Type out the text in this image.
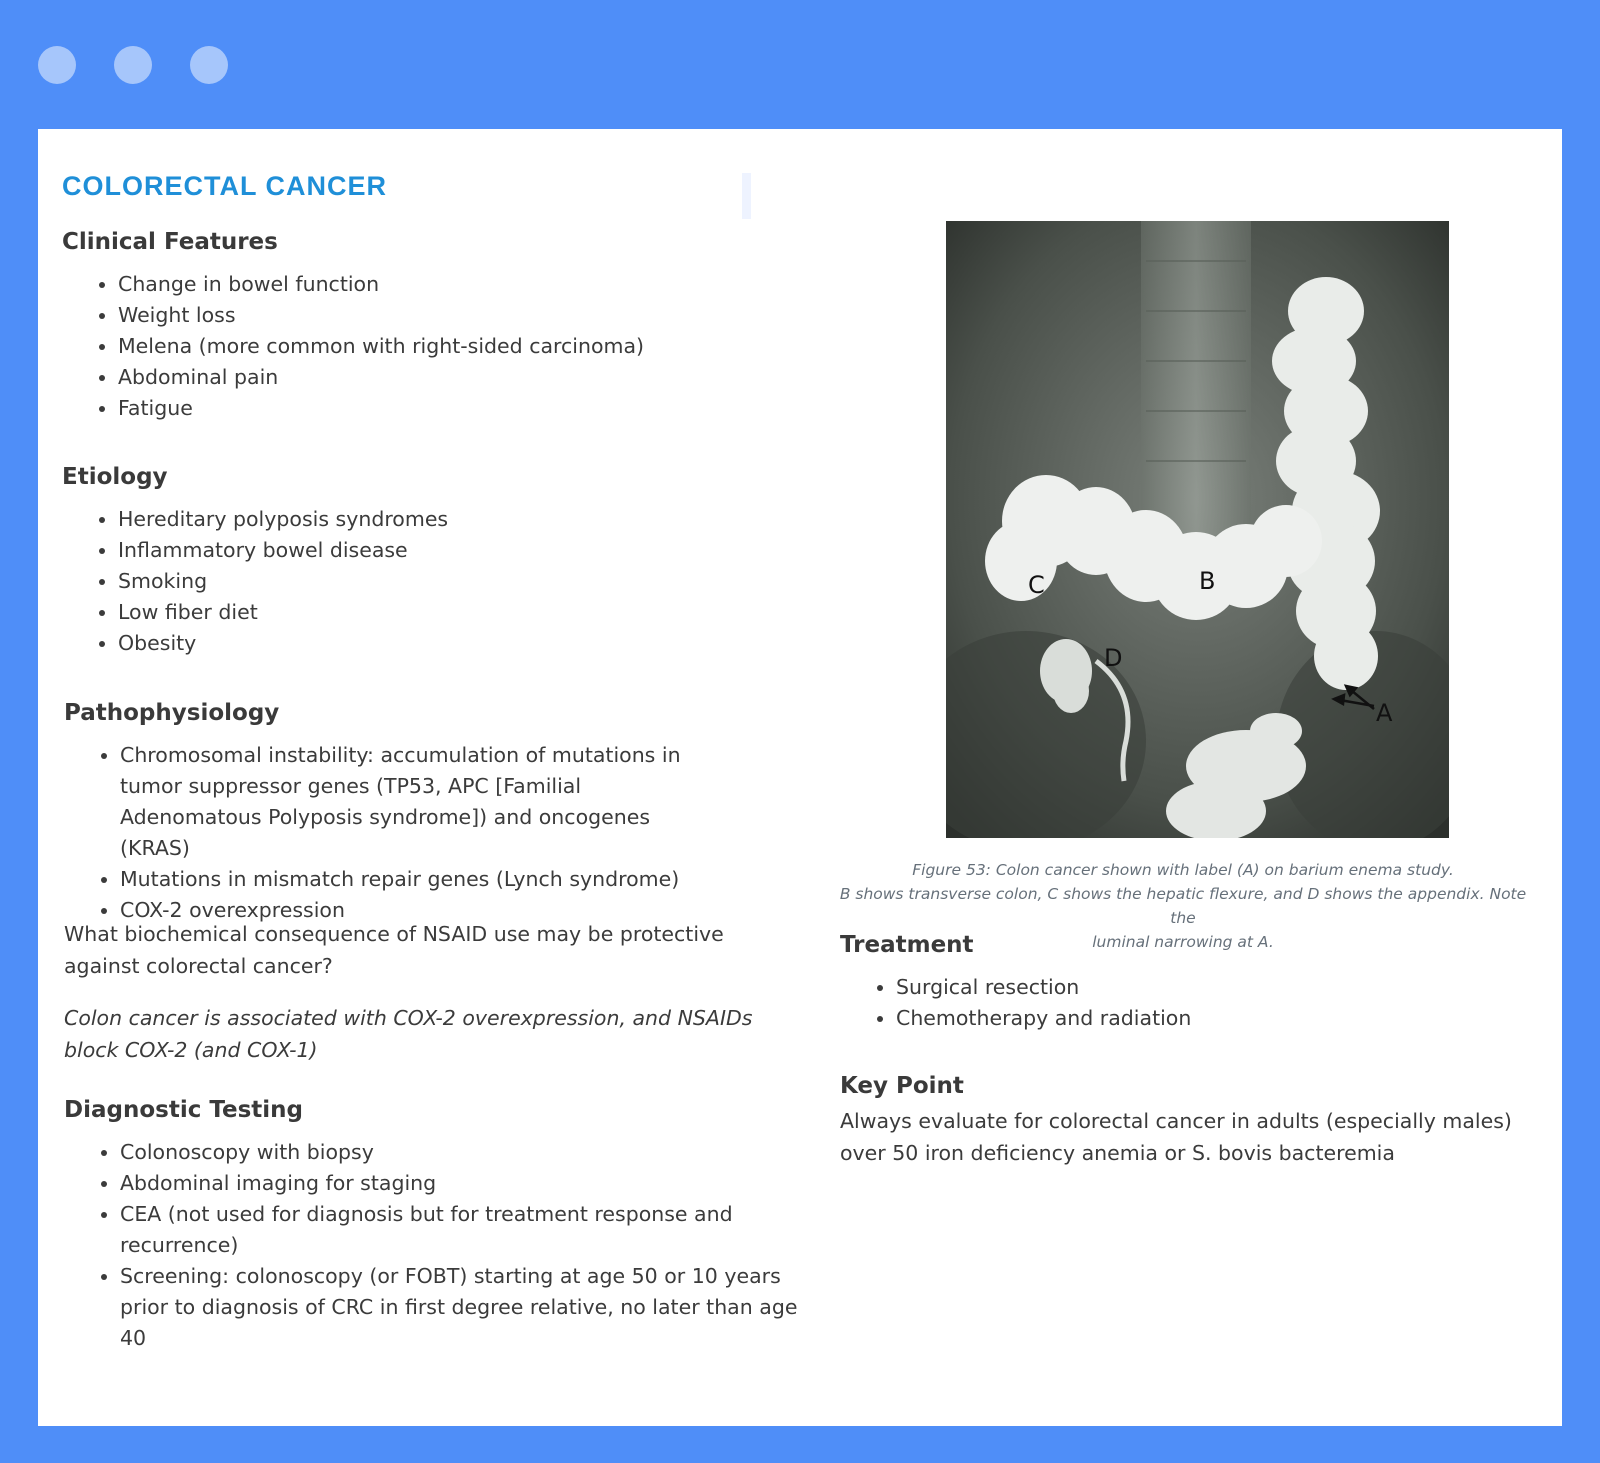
COLORECTAL CANCER
Clinical Features
• Change in bowel function
• Weight loss
• Melena (more common with right-sided carcinoma)
• Abdominal pain
• Fatigue
Etiology
• Hereditary polyposis syndromes
• Inflammatory bowel disease
• Smoking
• Low fiber diet
• Obesity
Pathophysiology
• Chromosomal instability: accumulation of mutations in tumor suppressor genes (TP53, APC [Familial Adenomatous Polyposis syndrome]) and oncogenes (KRAS)
• Mutations in mismatch repair genes (Lynch syndrome)
• COX-2 overexpression

What biochemical consequence of NSAID use may be protective against colorectal cancer?

Colon cancer is associated with COX-2 overexpression, and NSAIDs block COX-2 (and COX-1)

Diagnostic Testing
• Colonoscopy with biopsy
• Abdominal imaging for staging
• CEA (not used for diagnosis but for treatment response and recurrence)
• Screening: colonoscopy (or FOBT) starting at age 50 or 10 years prior to diagnosis of CRC in first degree relative, no later than age 40
A
B
C
D

Figure 53: Colon cancer shown with label (A) on barium enema study.
B shows transverse colon, C shows the hepatic flexure, and D shows the appendix. Note the
luminal narrowing at A.

Treatment
• Surgical resection
• Chemotherapy and radiation
Key Point

Always evaluate for colorectal cancer in adults (especially males) over 50 iron deficiency anemia or S. bovis bacteremia
